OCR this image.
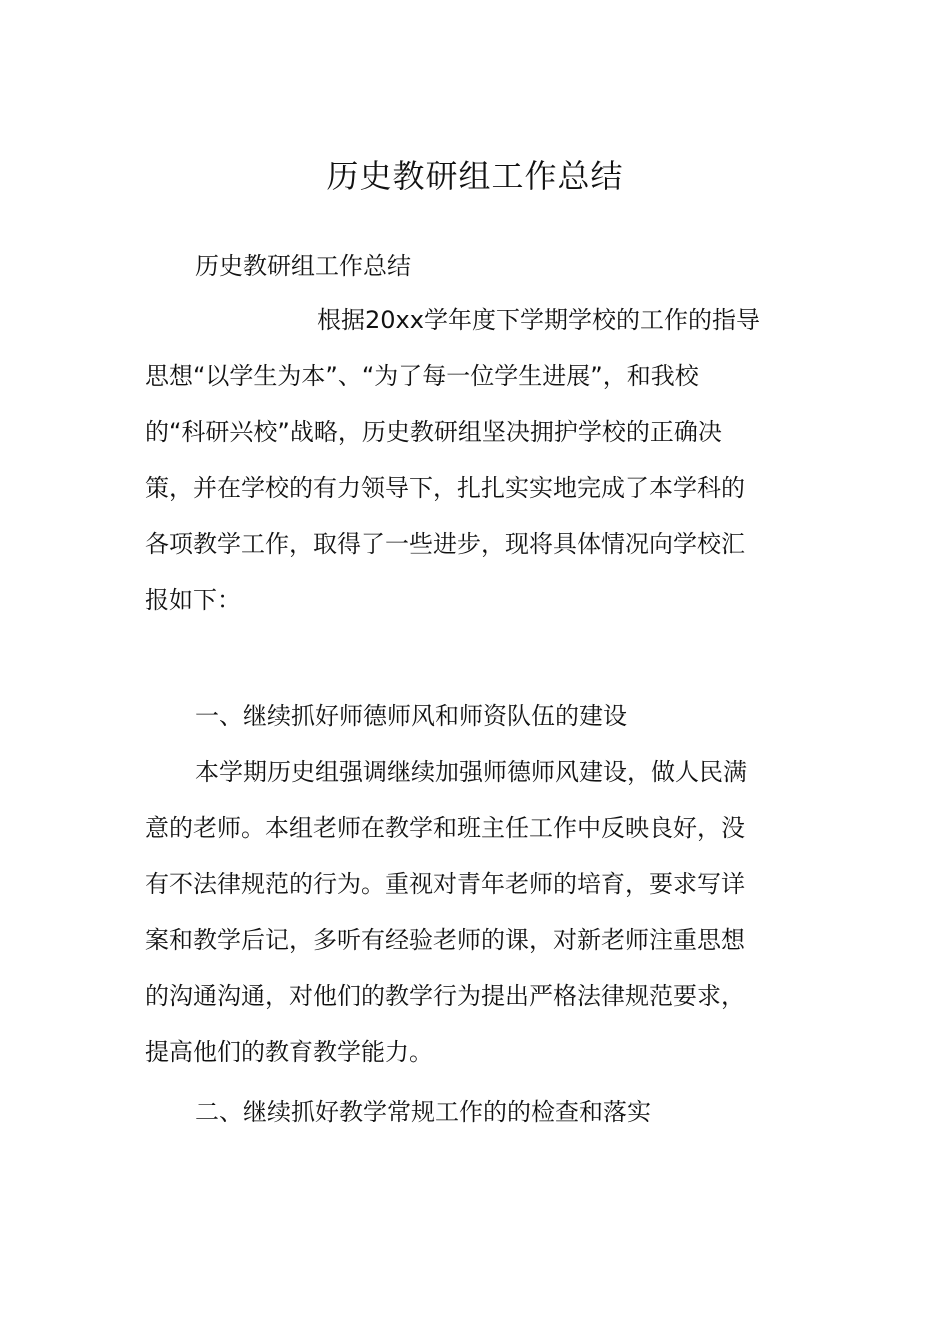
历史教研组工作总结
历史教研组工作总结
根据20xx学年度下学期学校的工作的指导
思想“以学生为本”、“为了每一位学生进展”，和我校
的“科研兴校”战略，历史教研组坚决拥护学校的正确决
策，并在学校的有力领导下，扎扎实实地完成了本学科的
各项教学工作，取得了一些进步，现将具体情况向学校汇
报如下：
一、继续抓好师德师风和师资队伍的建设
本学期历史组强调继续加强师德师风建设，做人民满
意的老师。本组老师在教学和班主任工作中反映良好，没
有不法律规范的行为。重视对青年老师的培育，要求写详
案和教学后记，多听有经验老师的课，对新老师注重思想
的沟通沟通，对他们的教学行为提出严格法律规范要求，
提高他们的教育教学能力。
二、继续抓好教学常规工作的的检查和落实
